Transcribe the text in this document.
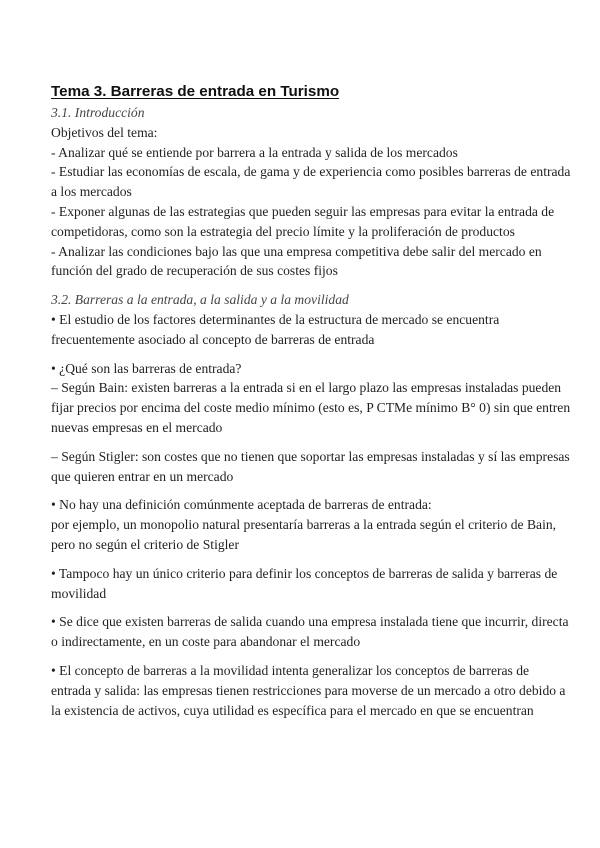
Tema 3. Barreras de entrada en Turismo

3.1. Introducción

Objetivos del tema:

- Analizar qué se entiende por barrera a la entrada y salida de los mercados

- Estudiar las economías de escala, de gama y de experiencia como posibles barreras de entrada a los mercados

- Exponer algunas de las estrategias que pueden seguir las empresas para evitar la entrada de competidoras, como son la estrategia del precio límite y la proliferación de productos

- Analizar las condiciones bajo las que una empresa competitiva debe salir del mercado en función del grado de recuperación de sus costes fijos

3.2. Barreras a la entrada, a la salida y a la movilidad

• El estudio de los factores determinantes de la estructura de mercado se encuentra frecuentemente asociado al concepto de barreras de entrada

• ¿Qué son las barreras de entrada?

– Según Bain: existen barreras a la entrada si en el largo plazo las empresas instaladas pueden fijar precios por encima del coste medio mínimo (esto es, P CTMe mínimo B° 0) sin que entren nuevas empresas en el mercado

– Según Stigler: son costes que no tienen que soportar las empresas instaladas y sí las empresas que quieren entrar en un mercado

• No hay una definición comúnmente aceptada de barreras de entrada:

por ejemplo, un monopolio natural presentaría barreras a la entrada según el criterio de Bain, pero no según el criterio de Stigler

• Tampoco hay un único criterio para definir los conceptos de barreras de salida y barreras de movilidad

• Se dice que existen barreras de salida cuando una empresa instalada tiene que incurrir, directa o indirectamente, en un coste para abandonar el mercado

• El concepto de barreras a la movilidad intenta generalizar los conceptos de barreras de entrada y salida: las empresas tienen restricciones para moverse de un mercado a otro debido a la existencia de activos, cuya utilidad es específica para el mercado en que se encuentran
